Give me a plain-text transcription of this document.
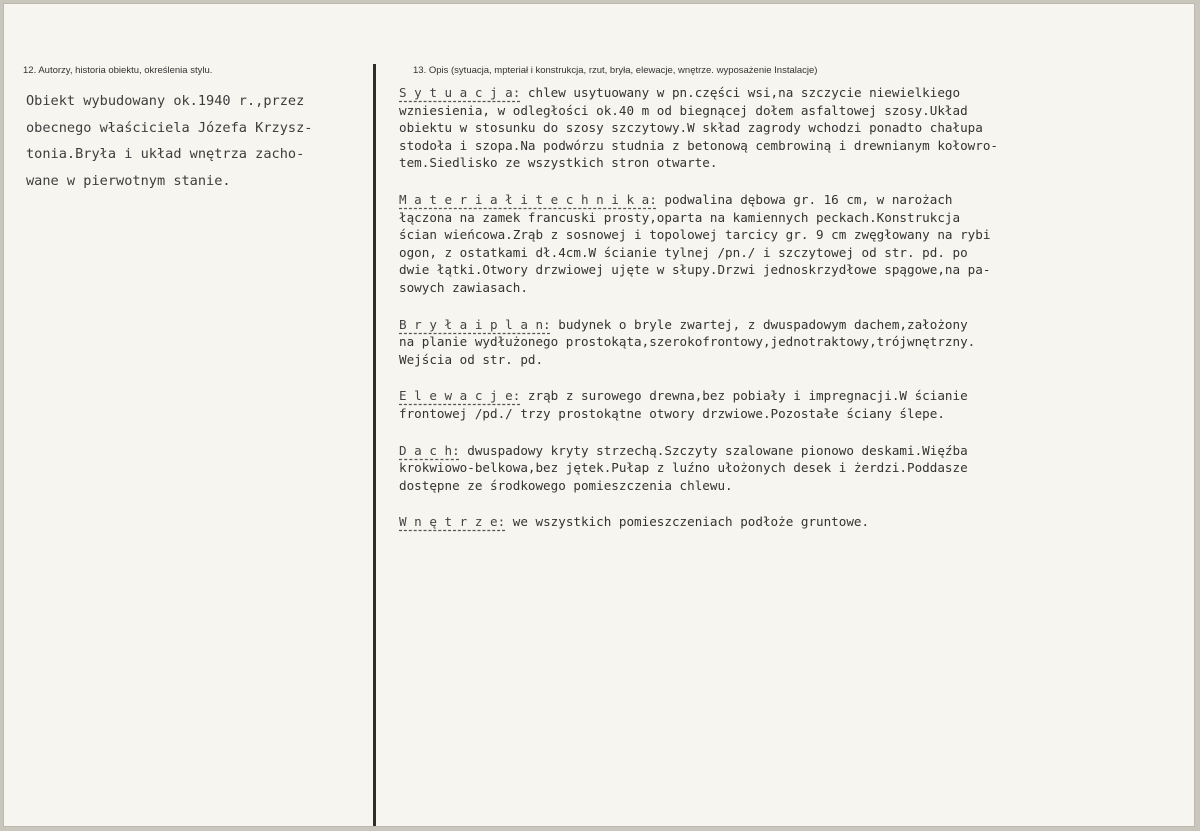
12. Autorzy, historia obiektu, określenia stylu.	13. Opis (sytuacja, mpteriał i konstrukcja, rzut, bryła, elewacje, wnętrze. wyposażenie Instalacje)
Obiekt wybudowany ok.1940 r.,przez
obecnego właściciela Józefa Krzysz-
tonia.Bryła i układ wnętrza zacho-
wane w pierwotnym stanie.
S y t u a c j a: chlew usytuowany w pn.części wsi,na szczycie niewielkiego
wzniesienia, w odległości ok.40 m od biegnącej dołem asfaltowej szosy.Układ
obiektu w stosunku do szosy szczytowy.W skład zagrody wchodzi ponadto chałupa
stodoła i szopa.Na podwórzu studnia z betonową cembrowiną i drewnianym kołowro-
tem.Siedlisko ze wszystkich stron otwarte.
M a t e r i a ł i t e c h n i k a: podwalina dębowa gr. 16 cm, w narożach
łączona na zamek francuski prosty,oparta na kamiennych peckach.Konstrukcja
ścian wieńcowa.Zrąb z sosnowej i topolowej tarcicy gr. 9 cm zwęgłowany na rybi
ogon, z ostatkami dł.4cm.W ścianie tylnej /pn./ i szczytowej od str. pd. po
dwie łątki.Otwory drzwiowej ujęte w słupy.Drzwi jednoskrzydłowe spągowe,na pa-
sowych zawiasach.
B r y ł a i p l a n: budynek o bryle zwartej, z dwuspadowym dachem,założony
na planie wydłużonego prostokąta,szerokofrontowy,jednotraktowy,trójwnętrzny.
Wejścia od str. pd.
E l e w a c j e: zrąb z surowego drewna,bez pobiały i impregnacji.W ścianie
frontowej /pd./ trzy prostokątne otwory drzwiowe.Pozostałe ściany ślepe.
D a c h: dwuspadowy kryty strzechą.Szczyty szalowane pionowo deskami.Więźba
krokwiowo-belkowa,bez jętek.Pułap z luźno ułożonych desek i żerdzi.Poddasze
dostępne ze środkowego pomieszczenia chlewu.
W n ę t r z e: we wszystkich pomieszczeniach podłoże gruntowe.
